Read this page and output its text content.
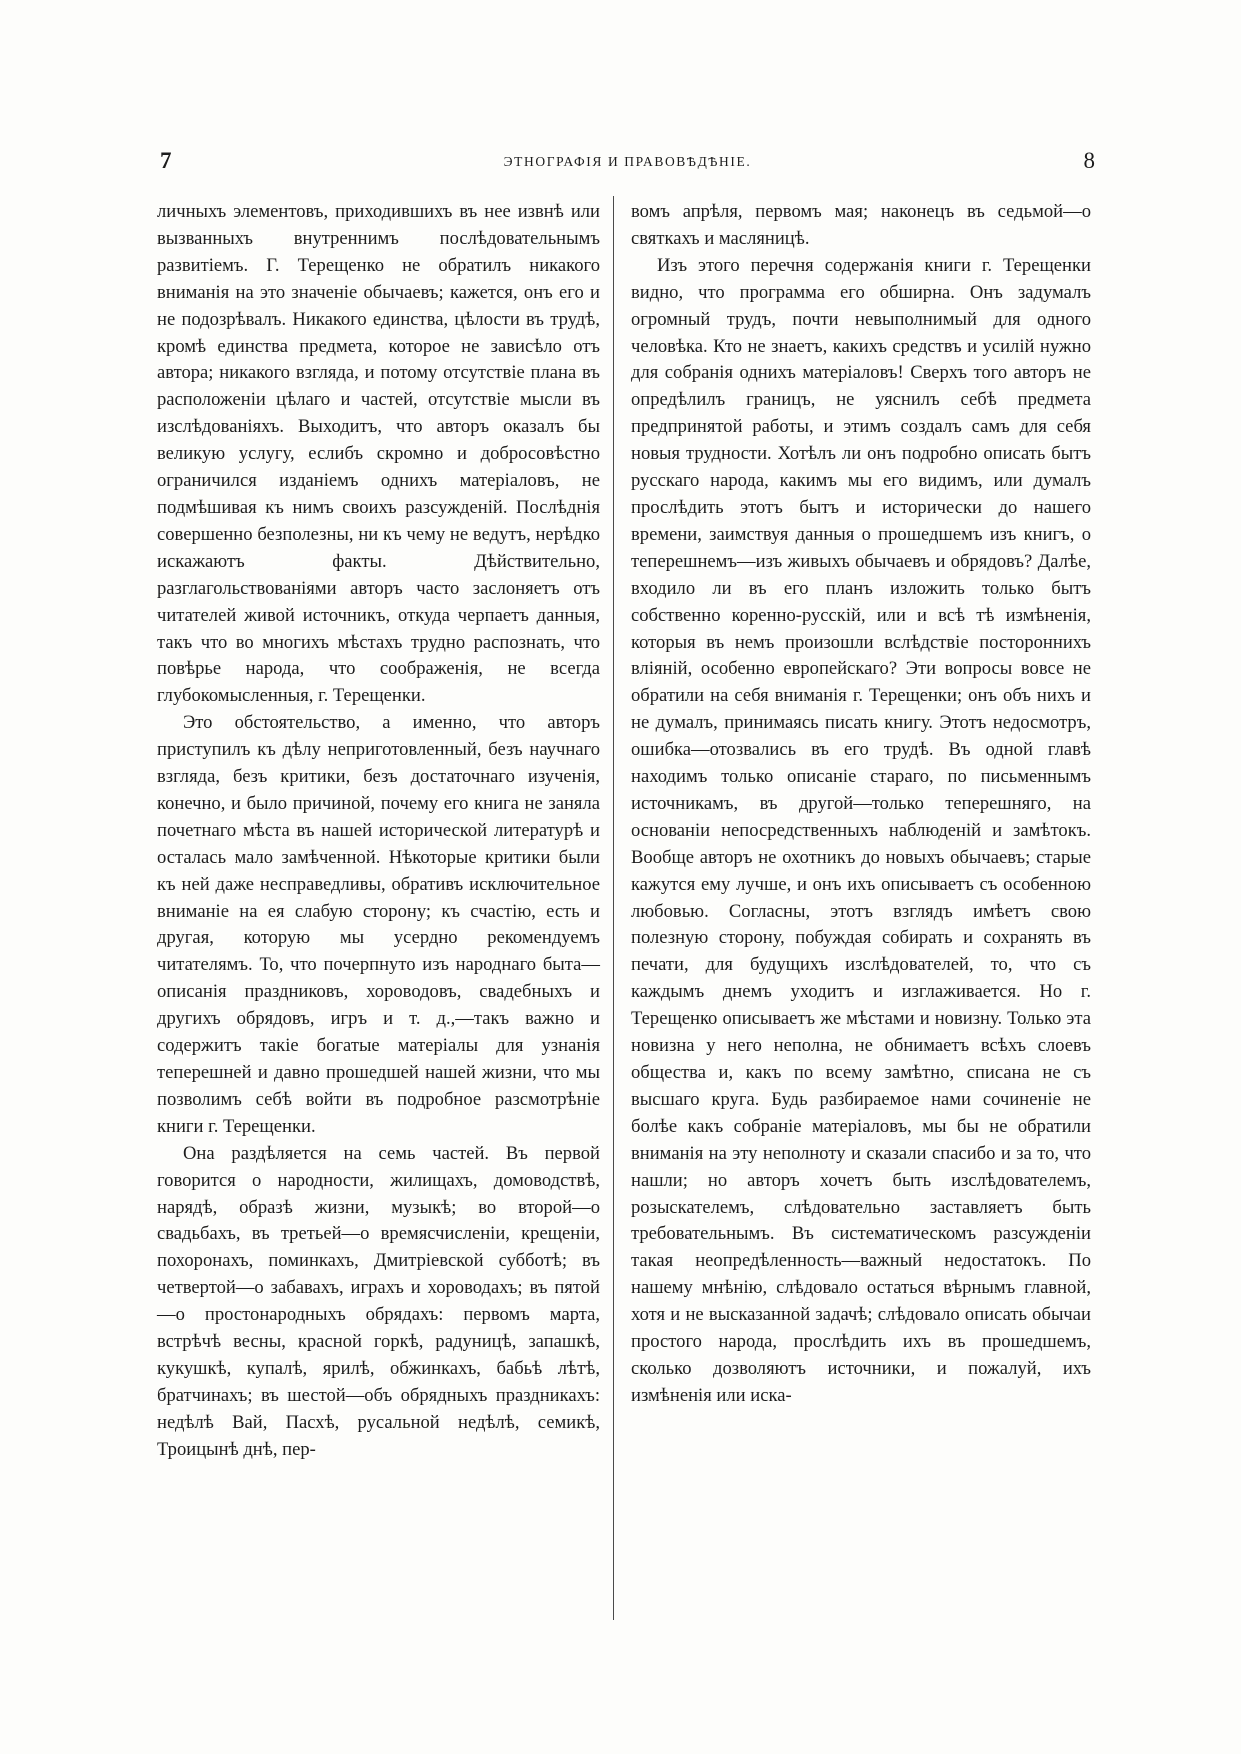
7	ЭТНОГРАФІЯ И ПРАВОВѢДѢНІЕ.	8

личныхъ элементовъ, приходившихъ въ нее извнѣ или вызванныхъ внутреннимъ послѣдовательнымъ развитіемъ. Г. Терещенко не обратилъ никакого вниманія на это значеніе обычаевъ; кажется, онъ его и не подозрѣвалъ. Никакого единства, цѣлости въ трудѣ, кромѣ единства предмета, которое не зависѣло отъ автора; никакого взгляда, и потому отсутствіе плана въ расположеніи цѣлаго и частей, отсутствіе мысли въ изслѣдованіяхъ. Выходитъ, что авторъ оказалъ бы великую услугу, еслибъ скромно и добросовѣстно ограничился изданіемъ однихъ матеріаловъ, не подмѣшивая къ нимъ своихъ разсужденій. Послѣднія совершенно безполезны, ни къ чему не ведутъ, нерѣдко искажаютъ факты. Дѣйствительно, разглагольствованіями авторъ часто заслоняетъ отъ читателей живой источникъ, откуда черпаетъ данныя, такъ что во многихъ мѣстахъ трудно распознать, что повѣрье народа, что соображенія, не всегда глубокомысленныя, г. Терещенки.

Это обстоятельство, а именно, что авторъ приступилъ къ дѣлу неприготовленный, безъ научнаго взгляда, безъ критики, безъ достаточнаго изученія, конечно, и было причиной, почему его книга не заняла почетнаго мѣста въ нашей исторической литературѣ и осталась мало замѣченной. Нѣкоторые критики были къ ней даже несправедливы, обративъ исключительное вниманіе на ея слабую сторону; къ счастію, есть и другая, которую мы усердно рекомендуемъ читателямъ. То, что почерпнуто изъ народнаго быта—описанія праздниковъ, хороводовъ, свадебныхъ и другихъ обрядовъ, игръ и т. д.,—такъ важно и содержитъ такіе богатые матеріалы для узнанія теперешней и давно прошедшей нашей жизни, что мы позволимъ себѣ войти въ подробное разсмотрѣніе книги г. Терещенки.

Она раздѣляется на семь частей. Въ первой говорится о народности, жилищахъ, домоводствѣ, нарядѣ, образѣ жизни, музыкѣ; во второй—о свадьбахъ, въ третьей—о времясчисленіи, крещеніи, похоронахъ, поминкахъ, Дмитріевской субботѣ; въ четвертой—о забавахъ, играхъ и хороводахъ; въ пятой—о простонародныхъ обрядахъ: первомъ марта, встрѣчѣ весны, красной горкѣ, радуницѣ, запашкѣ, кукушкѣ, купалѣ, ярилѣ, обжинкахъ, бабьѣ лѣтѣ, братчинахъ; въ шестой—объ обрядныхъ праздникахъ: недѣлѣ Вай, Пасхѣ, русальной недѣлѣ, семикѣ, Троицынѣ днѣ, пер-

вомъ апрѣля, первомъ мая; наконецъ въ седьмой—о святкахъ и масляницѣ.

Изъ этого перечня содержанія книги г. Терещенки видно, что программа его обширна. Онъ задумалъ огромный трудъ, почти невыполнимый для одного человѣка. Кто не знаетъ, какихъ средствъ и усилій нужно для собранія однихъ матеріаловъ! Сверхъ того авторъ не опредѣлилъ границъ, не уяснилъ себѣ предмета предпринятой работы, и этимъ создалъ самъ для себя новыя трудности. Хотѣлъ ли онъ подробно описать бытъ русскаго народа, какимъ мы его видимъ, или думалъ прослѣдить этотъ бытъ и исторически до нашего времени, заимствуя данныя о прошедшемъ изъ книгъ, о теперешнемъ—изъ живыхъ обычаевъ и обрядовъ? Далѣе, входило ли въ его планъ изложить только бытъ собственно коренно-русскій, или и всѣ тѣ измѣненія, которыя въ немъ произошли вслѣдствіе постороннихъ вліяній, особенно европейскаго? Эти вопросы вовсе не обратили на себя вниманія г. Терещенки; онъ объ нихъ и не думалъ, принимаясь писать книгу. Этотъ недосмотръ, ошибка—отозвались въ его трудѣ. Въ одной главѣ находимъ только описаніе стараго, по письменнымъ источникамъ, въ другой—только теперешняго, на основаніи непосредственныхъ наблюденій и замѣтокъ. Вообще авторъ не охотникъ до новыхъ обычаевъ; старые кажутся ему лучше, и онъ ихъ описываетъ съ особенною любовью. Согласны, этотъ взглядъ имѣетъ свою полезную сторону, побуждая собирать и сохранять въ печати, для будущихъ изслѣдователей, то, что съ каждымъ днемъ уходитъ и изглаживается. Но г. Терещенко описываетъ же мѣстами и новизну. Только эта новизна у него неполна, не обнимаетъ всѣхъ слоевъ общества и, какъ по всему замѣтно, списана не съ высшаго круга. Будь разбираемое нами сочиненіе не болѣе какъ собраніе матеріаловъ, мы бы не обратили вниманія на эту неполноту и сказали спасибо и за то, что нашли; но авторъ хочетъ быть изслѣдователемъ, розыскателемъ, слѣдовательно заставляетъ быть требовательнымъ. Въ систематическомъ разсужденіи такая неопредѣленность—важный недостатокъ. По нашему мнѣнію, слѣдовало остаться вѣрнымъ главной, хотя и не высказанной задачѣ; слѣдовало описать обычаи простого народа, прослѣдить ихъ въ прошедшемъ, сколько дозволяютъ источники, и пожалуй, ихъ измѣненія или иска-
